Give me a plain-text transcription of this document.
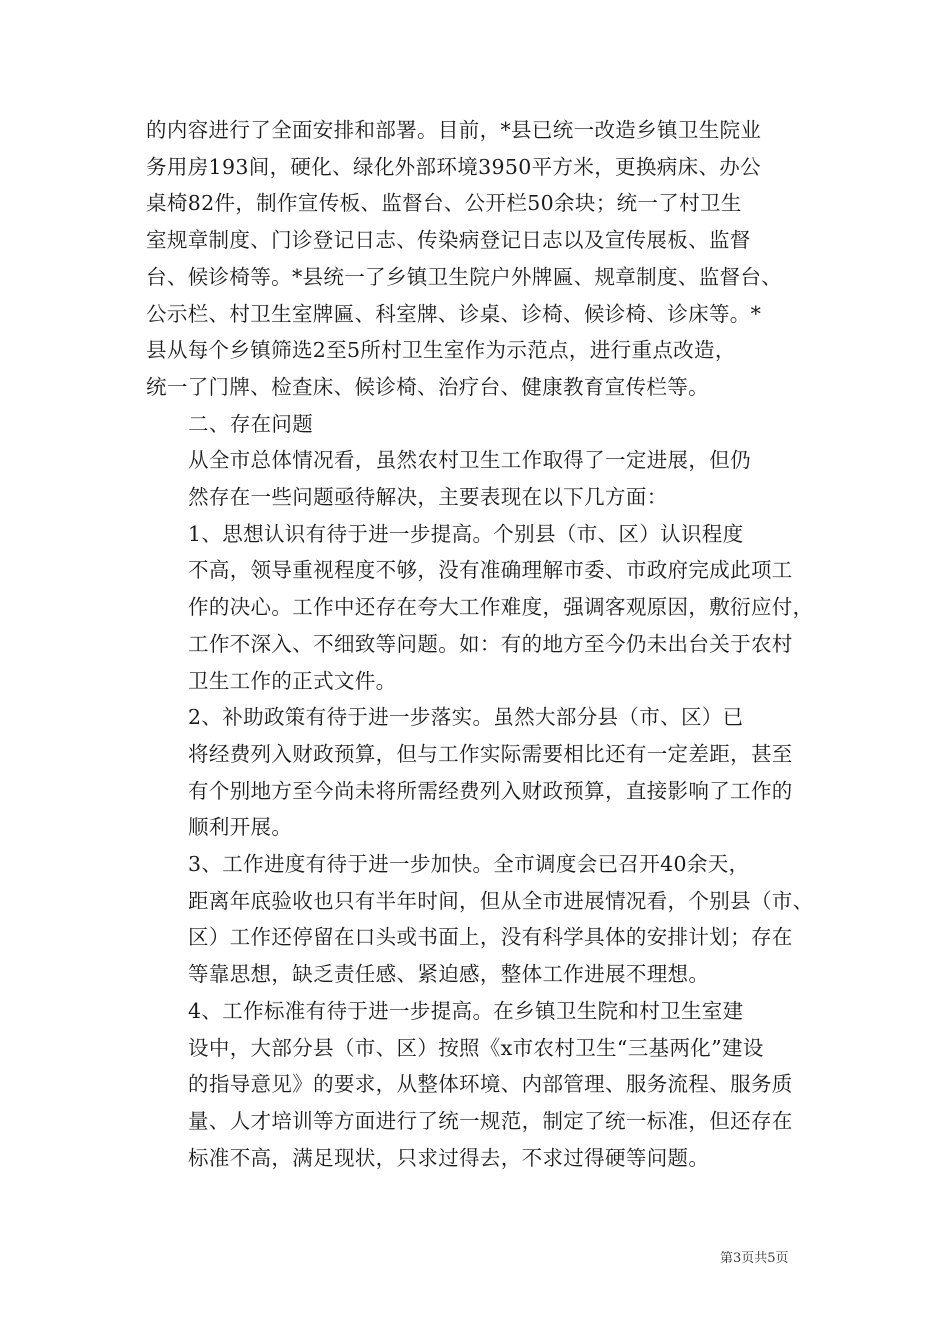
的内容进行了全面安排和部署。目前，*县已统一改造乡镇卫生院业
务用房193间，硬化、绿化外部环境3950平方米，更换病床、办公
桌椅82件，制作宣传板、监督台、公开栏50余块；统一了村卫生
室规章制度、门诊登记日志、传染病登记日志以及宣传展板、监督
台、候诊椅等。*县统一了乡镇卫生院户外牌匾、规章制度、监督台、
公示栏、村卫生室牌匾、科室牌、诊桌、诊椅、候诊椅、诊床等。*
县从每个乡镇筛选2至5所村卫生室作为示范点，进行重点改造，
统一了门牌、检查床、候诊椅、治疗台、健康教育宣传栏等。

二、存在问题

从全市总体情况看，虽然农村卫生工作取得了一定进展，但仍
然存在一些问题亟待解决，主要表现在以下几方面：

1、思想认识有待于进一步提高。个别县（市、区）认识程度
不高，领导重视程度不够，没有准确理解市委、市政府完成此项工
作的决心。工作中还存在夸大工作难度，强调客观原因，敷衍应付，
工作不深入、不细致等问题。如：有的地方至今仍未出台关于农村
卫生工作的正式文件。

2、补助政策有待于进一步落实。虽然大部分县（市、区）已
将经费列入财政预算，但与工作实际需要相比还有一定差距，甚至
有个别地方至今尚未将所需经费列入财政预算，直接影响了工作的
顺利开展。

3、工作进度有待于进一步加快。全市调度会已召开40余天，
距离年底验收也只有半年时间，但从全市进展情况看，个别县（市、
区）工作还停留在口头或书面上，没有科学具体的安排计划；存在
等靠思想，缺乏责任感、紧迫感，整体工作进展不理想。

4、工作标准有待于进一步提高。在乡镇卫生院和村卫生室建
设中，大部分县（市、区）按照《x市农村卫生“三基两化”建设
的指导意见》的要求，从整体环境、内部管理、服务流程、服务质
量、人才培训等方面进行了统一规范，制定了统一标准，但还存在
标准不高，满足现状，只求过得去，不求过得硬等问题。

第3页共5页
